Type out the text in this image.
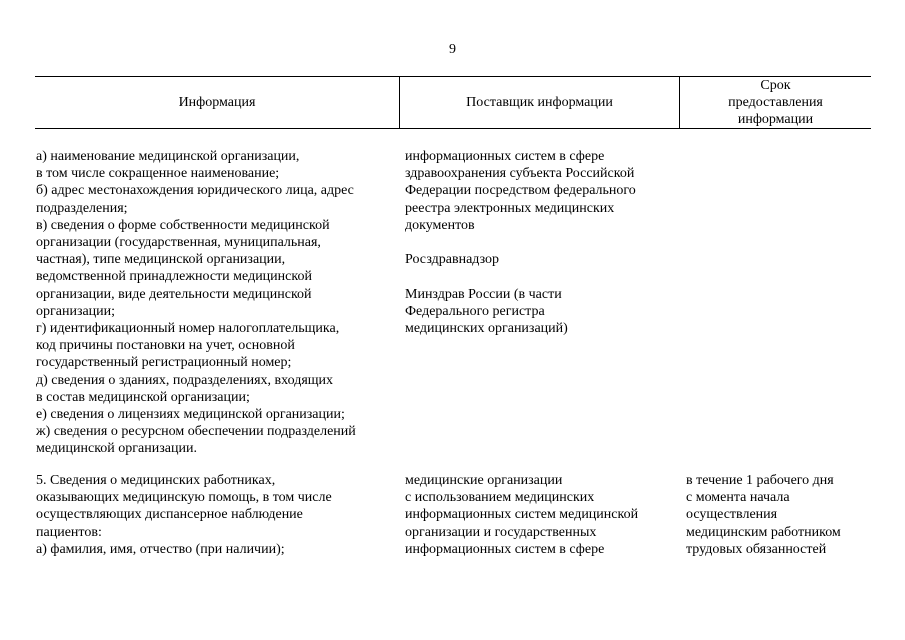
9
Информация	Поставщик информации
Срок
предоставления
информации
а) наименование медицинской организации,
в том числе сокращенное наименование;
б) адрес местонахождения юридического лица, адрес
подразделения;
в) сведения о форме собственности медицинской
организации (государственная, муниципальная,
частная), типе медицинской организации,
ведомственной принадлежности медицинской
организации, виде деятельности медицинской
организации;
г) идентификационный номер налогоплательщика,
код причины постановки на учет, основной
государственный регистрационный номер;
д) сведения о зданиях, подразделениях, входящих
в состав медицинской организации;
е) сведения о лицензиях медицинской организации;
ж) сведения о ресурсном обеспечении подразделений
медицинской организации.
информационных систем в сфере
здравоохранения субъекта Российской
Федерации посредством федерального
реестра электронных медицинских
документов
Росздравнадзор
Минздрав России (в части
Федерального регистра
медицинских организаций)
5. Сведения о медицинских работниках,
оказывающих медицинскую помощь, в том числе
осуществляющих диспансерное наблюдение
пациентов:
а) фамилия, имя, отчество (при наличии);
медицинские организации
с использованием медицинских
информационных систем медицинской
организации и государственных
информационных систем в сфере
в течение 1 рабочего дня
с момента начала
осуществления
медицинским работником
трудовых обязанностей
